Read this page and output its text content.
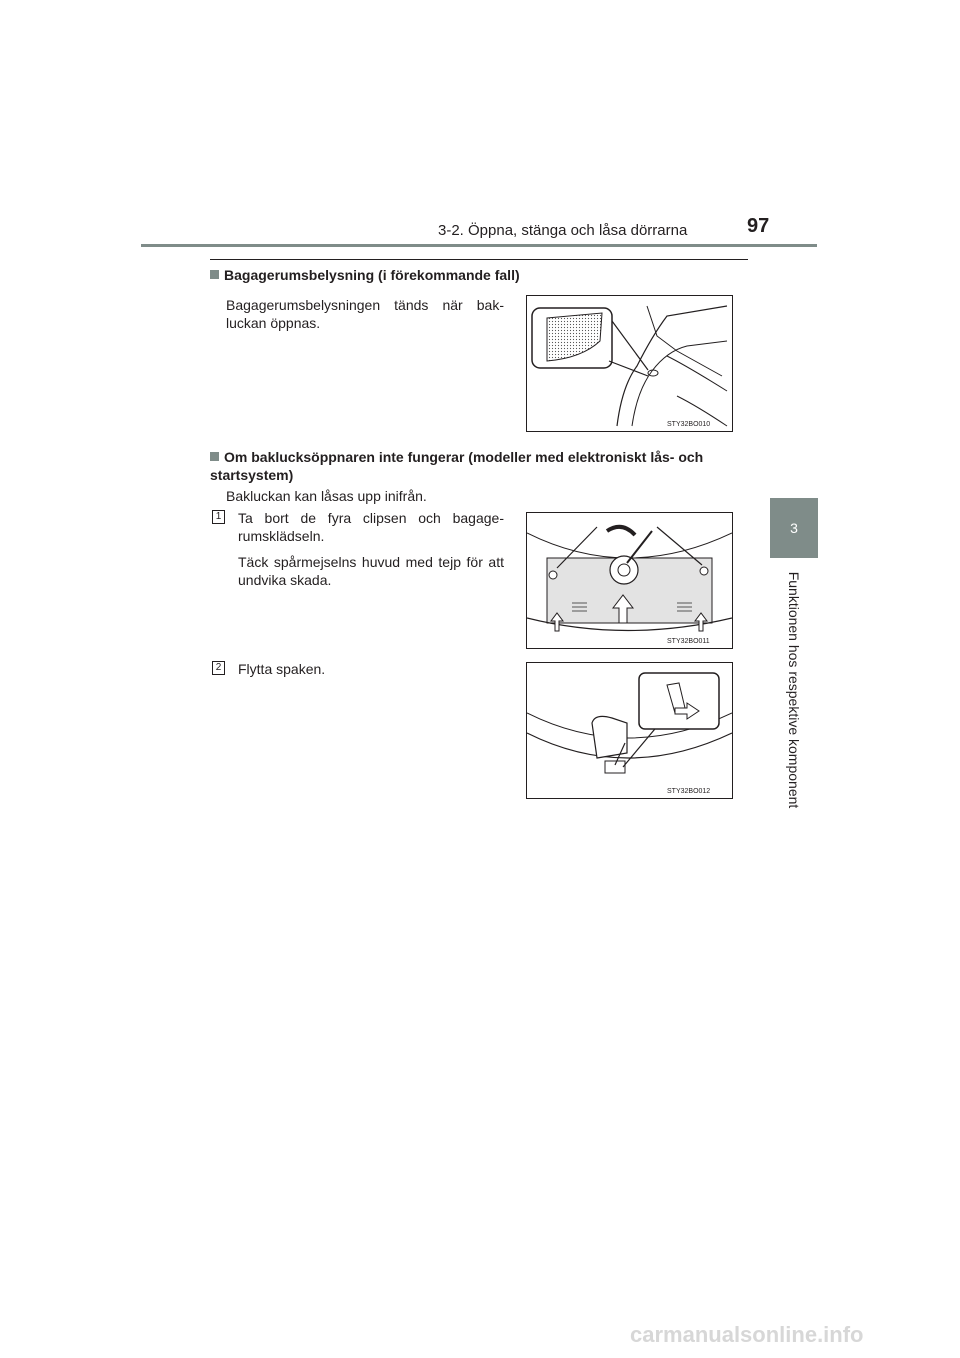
3-2. Öppna, stänga och låsa dörrarna	97
3
Funktionen hos respektive komponent
Bagagerumsbelysning (i förekommande fall)
Bagagerumsbelysningen tänds när bak-luckan öppnas.
STY32BO010
Om baklucksöppnaren inte fungerar (modeller med elektroniskt lås- och startsystem)
Bakluckan kan låsas upp inifrån.
1 Ta bort de fyra clipsen och bagage-rumsklädseln.
Täck spårmejselns huvud med tejp för att undvika skada.
STY32BO011
2 Flytta spaken.
STY32BO012
carmanualsonline.info
